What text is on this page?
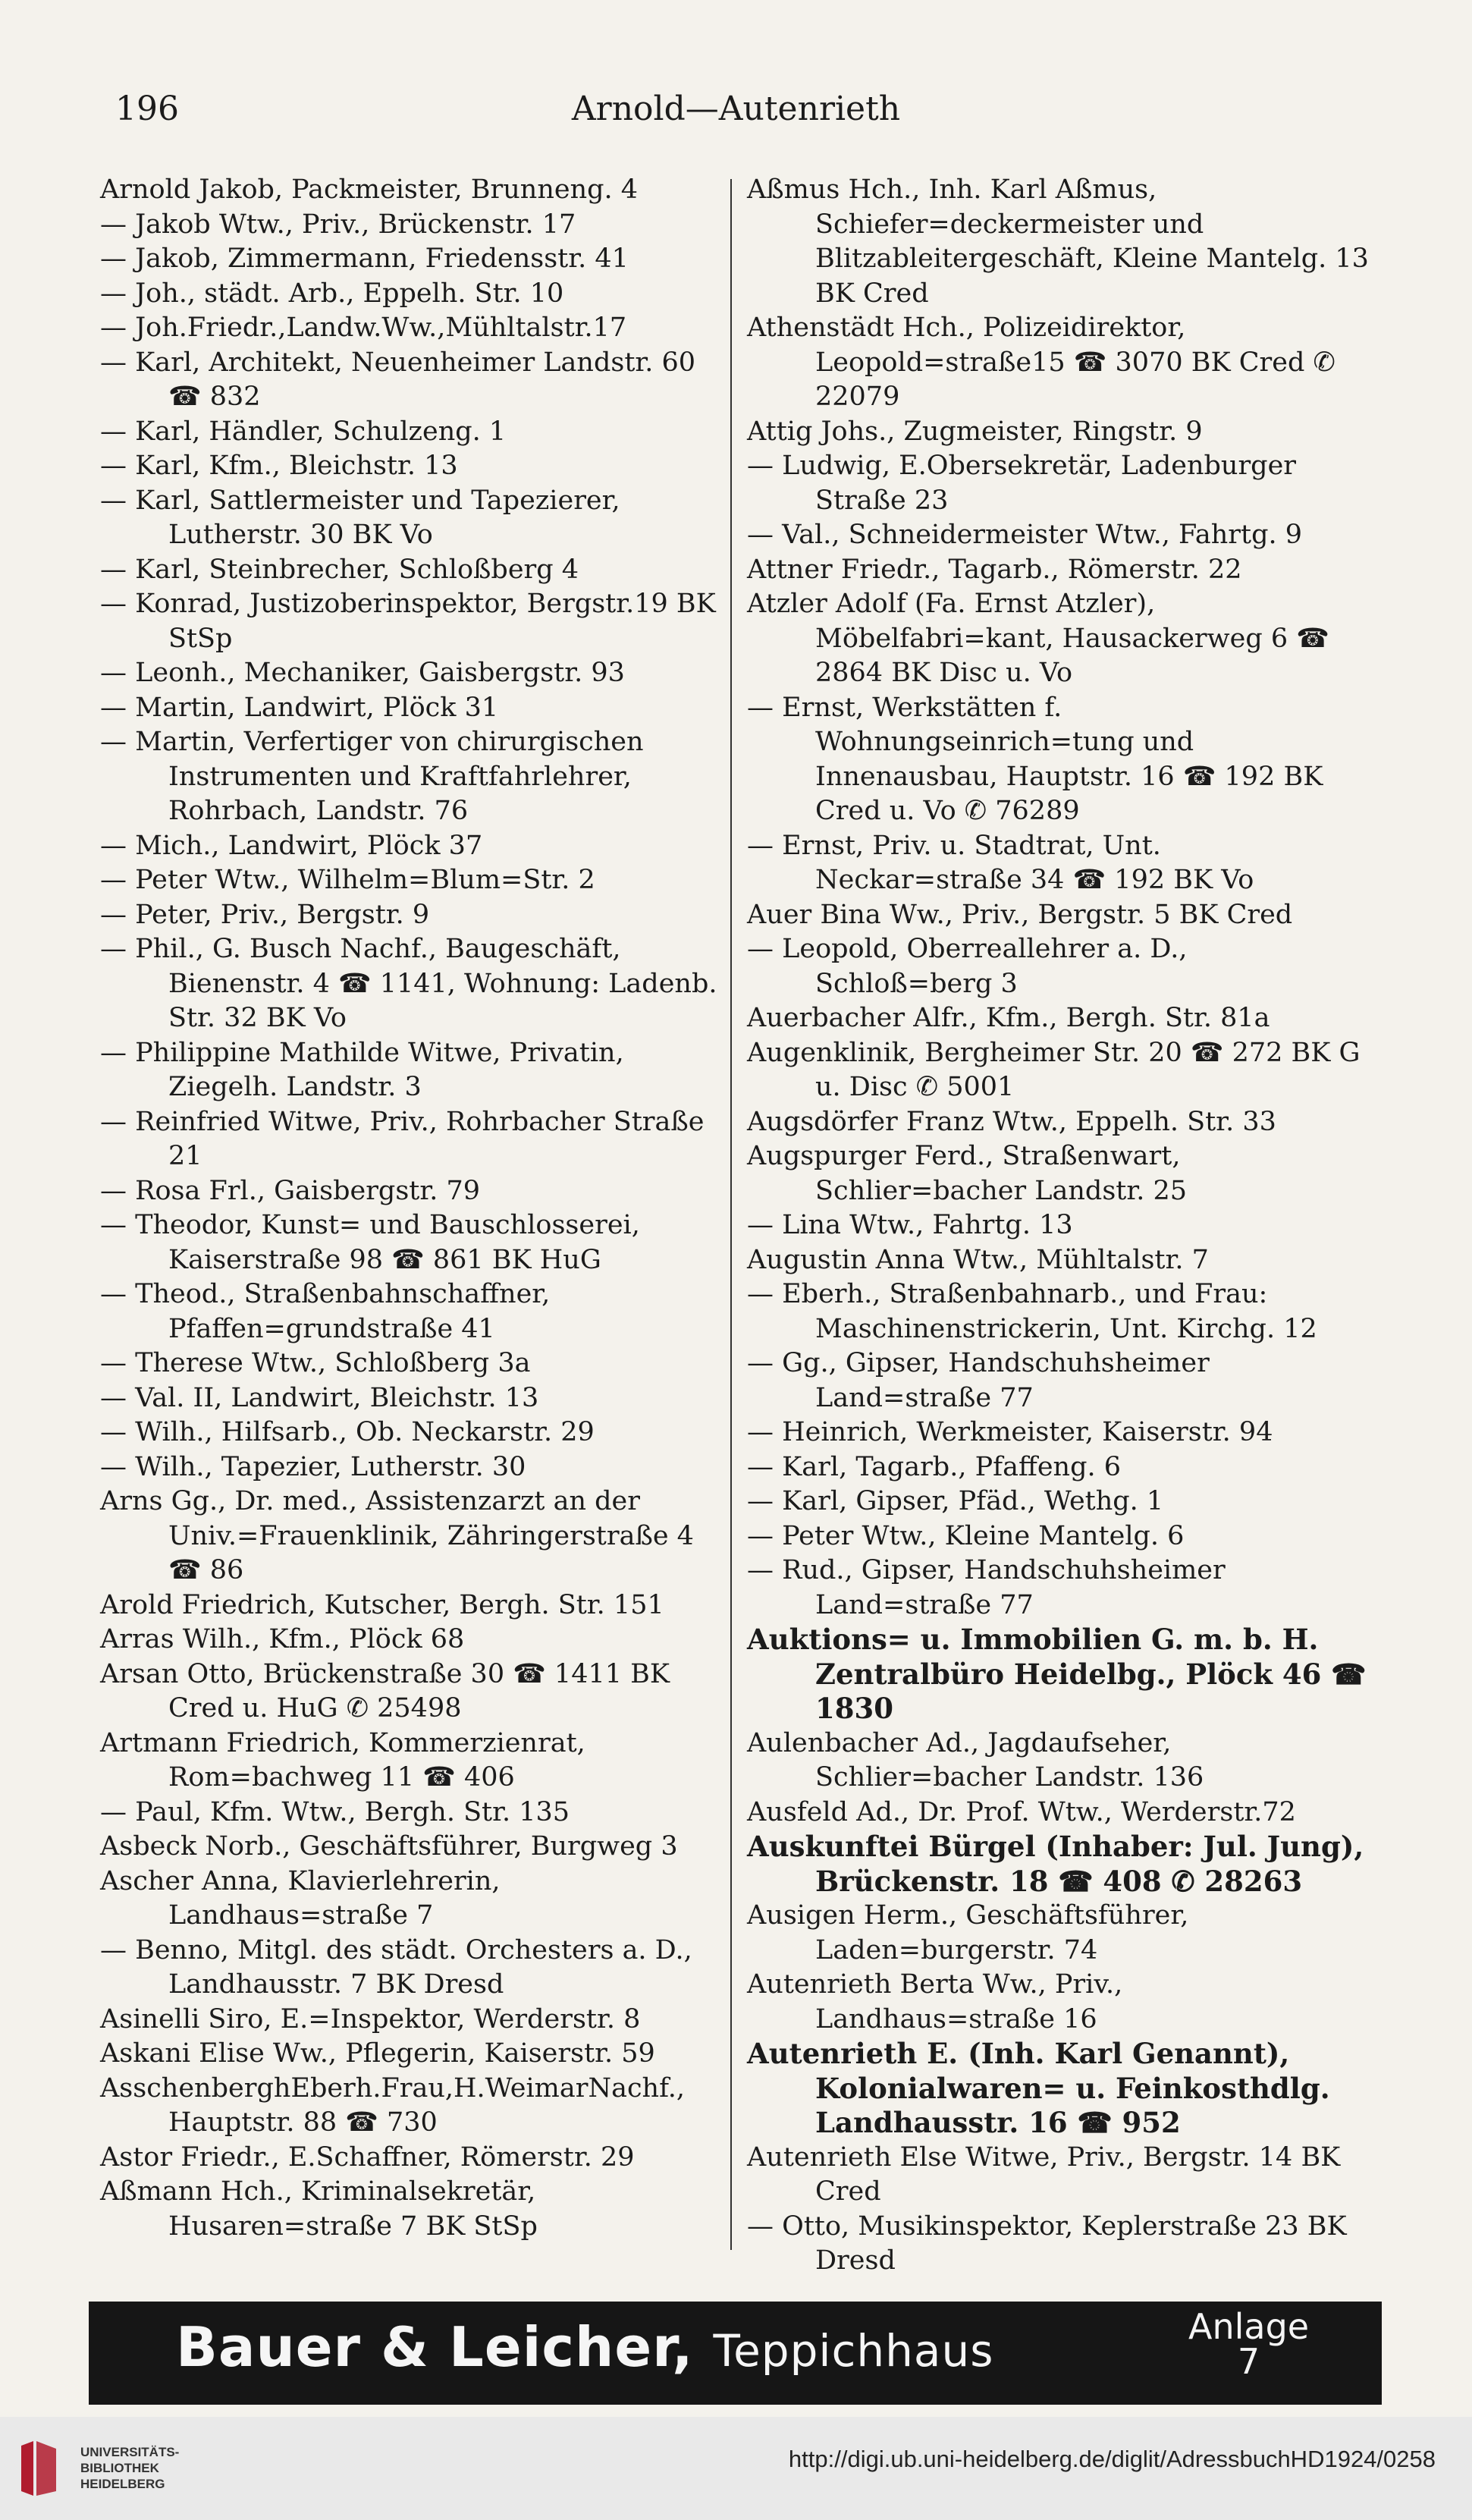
196	Arnold—Autenrieth

Arnold Jakob, Packmeister, Brunneng. 4

— Jakob Wtw., Priv., Brückenstr. 17

— Jakob, Zimmermann, Friedensstr. 41

— Joh., städt. Arb., Eppelh. Str. 10

— Joh.Friedr.,Landw.Ww.,Mühltalstr.17

— Karl, Architekt, Neuenheimer Landstr. 60 ☎ 832

— Karl, Händler, Schulzeng. 1

— Karl, Kfm., Bleichstr. 13

— Karl, Sattlermeister und Tapezierer, Lutherstr. 30 BK Vo

— Karl, Steinbrecher, Schloßberg 4

— Konrad, Justizoberinspektor, Bergstr.19 BK StSp

— Leonh., Mechaniker, Gaisbergstr. 93

— Martin, Landwirt, Plöck 31

— Martin, Verfertiger von chirurgischen Instrumenten und Kraftfahrlehrer, Rohrbach, Landstr. 76

— Mich., Landwirt, Plöck 37

— Peter Wtw., Wilhelm=Blum=Str. 2

— Peter, Priv., Bergstr. 9

— Phil., G. Busch Nachf., Baugeschäft, Bienenstr. 4 ☎ 1141, Wohnung: Ladenb. Str. 32 BK Vo

— Philippine Mathilde Witwe, Privatin, Ziegelh. Landstr. 3

— Reinfried Witwe, Priv., Rohrbacher Straße 21

— Rosa Frl., Gaisbergstr. 79

— Theodor, Kunst= und Bauschlosserei, Kaiserstraße 98 ☎ 861 BK HuG

— Theod., Straßenbahnschaffner, Pfaffen=grundstraße 41

— Therese Wtw., Schloßberg 3a

— Val. II, Landwirt, Bleichstr. 13

— Wilh., Hilfsarb., Ob. Neckarstr. 29

— Wilh., Tapezier, Lutherstr. 30

Arns Gg., Dr. med., Assistenzarzt an der Univ.=Frauenklinik, Zähringerstraße 4 ☎ 86

Arold Friedrich, Kutscher, Bergh. Str. 151

Arras Wilh., Kfm., Plöck 68

Arsan Otto, Brückenstraße 30 ☎ 1411 BK Cred u. HuG ✆ 25498

Artmann Friedrich, Kommerzienrat, Rom=bachweg 11 ☎ 406

— Paul, Kfm. Wtw., Bergh. Str. 135

Asbeck Norb., Geschäftsführer, Burgweg 3

Ascher Anna, Klavierlehrerin, Landhaus=straße 7

— Benno, Mitgl. des städt. Orchesters a. D., Landhausstr. 7 BK Dresd

Asinelli Siro, E.=Inspektor, Werderstr. 8

Askani Elise Ww., Pflegerin, Kaiserstr. 59

AsschenberghEberh.Frau,H.WeimarNachf., Hauptstr. 88 ☎ 730

Astor Friedr., E.Schaffner, Römerstr. 29

Aßmann Hch., Kriminalsekretär, Husaren=straße 7 BK StSp

Aßmus Hch., Inh. Karl Aßmus, Schiefer=deckermeister und Blitzableitergeschäft, Kleine Mantelg. 13 BK Cred

Athenstädt Hch., Polizeidirektor, Leopold=straße15 ☎ 3070 BK Cred ✆ 22079

Attig Johs., Zugmeister, Ringstr. 9

— Ludwig, E.Obersekretär, Ladenburger Straße 23

— Val., Schneidermeister Wtw., Fahrtg. 9

Attner Friedr., Tagarb., Römerstr. 22

Atzler Adolf (Fa. Ernst Atzler), Möbelfabri=kant, Hausackerweg 6 ☎ 2864 BK Disc u. Vo

— Ernst, Werkstätten f. Wohnungseinrich=tung und Innenausbau, Hauptstr. 16 ☎ 192 BK Cred u. Vo ✆ 76289

— Ernst, Priv. u. Stadtrat, Unt. Neckar=straße 34 ☎ 192 BK Vo

Auer Bina Ww., Priv., Bergstr. 5 BK Cred

— Leopold, Oberreallehrer a. D., Schloß=berg 3

Auerbacher Alfr., Kfm., Bergh. Str. 81a

Augenklinik, Bergheimer Str. 20 ☎ 272 BK G u. Disc ✆ 5001

Augsdörfer Franz Wtw., Eppelh. Str. 33

Augspurger Ferd., Straßenwart, Schlier=bacher Landstr. 25

— Lina Wtw., Fahrtg. 13

Augustin Anna Wtw., Mühltalstr. 7

— Eberh., Straßenbahnarb., und Frau: Maschinenstrickerin, Unt. Kirchg. 12

— Gg., Gipser, Handschuhsheimer Land=straße 77

— Heinrich, Werkmeister, Kaiserstr. 94

— Karl, Tagarb., Pfaffeng. 6

— Karl, Gipser, Pfäd., Wethg. 1

— Peter Wtw., Kleine Mantelg. 6

— Rud., Gipser, Handschuhsheimer Land=straße 77

Auktions= u. Immobilien G. m. b. H. Zentralbüro Heidelbg., Plöck 46 ☎ 1830

Aulenbacher Ad., Jagdaufseher, Schlier=bacher Landstr. 136

Ausfeld Ad., Dr. Prof. Wtw., Werderstr.72

Auskunftei Bürgel (Inhaber: Jul. Jung), Brückenstr. 18 ☎ 408 ✆ 28263

Ausigen Herm., Geschäftsführer, Laden=burgerstr. 74

Autenrieth Berta Ww., Priv., Landhaus=straße 16

Autenrieth E. (Inh. Karl Genannt), Kolonialwaren= u. Feinkosthdlg. Landhausstr. 16 ☎ 952

Autenrieth Else Witwe, Priv., Bergstr. 14 BK Cred

— Otto, Musikinspektor, Keplerstraße 23 BK Dresd

Bauer & Leicher, Teppichhaus	Anlage
7
UNIVERSITÄTS-
BIBLIOTHEK
HEIDELBERG
http://digi.ub.uni-heidelberg.de/diglit/AdressbuchHD1924/0258
